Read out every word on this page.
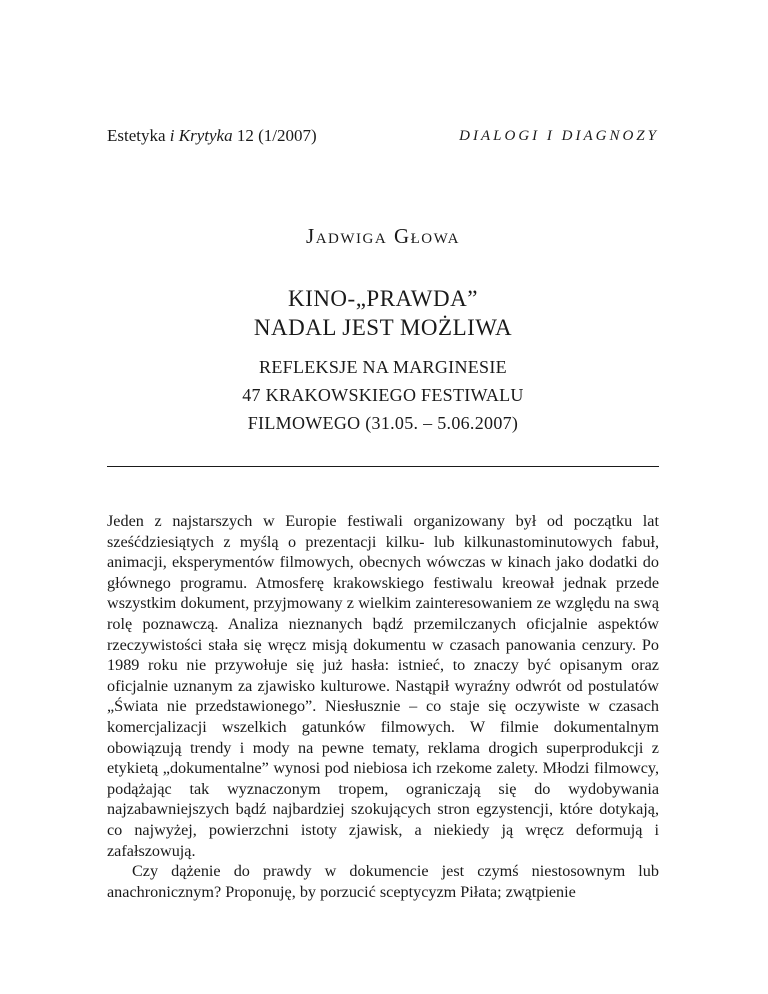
Estetyka i Krytyka 12 (1/2007)	DIALOGI I DIAGNOZY
Jadwiga Głowa
KINO-„PRAWDA”
NADAL JEST MOŻLIWA
REFLEKSJE NA MARGINESIE
47 KRAKOWSKIEGO FESTIWALU
FILMOWEGO (31.05. – 5.06.2007)

Jeden z najstarszych w Europie festiwali organizowany był od początku lat sześćdziesiątych z myślą o prezentacji kilku- lub kilkunastominutowych fabuł, animacji, eksperymentów filmowych, obecnych wówczas w kinach jako dodatki do głównego programu. Atmosferę krakowskiego festiwalu kreował jednak przede wszystkim dokument, przyjmowany z wielkim zainteresowaniem ze względu na swą rolę poznawczą. Analiza nieznanych bądź przemilczanych oficjalnie aspektów rzeczywistości stała się wręcz misją dokumentu w czasach panowania cenzury. Po 1989 roku nie przywołuje się już hasła: istnieć, to znaczy być opisanym oraz oficjalnie uznanym za zjawisko kulturowe. Nastąpił wyraźny odwrót od postulatów „Świata nie przedstawionego”. Niesłusznie – co staje się oczywiste w czasach komercjalizacji wszelkich gatunków filmowych. W filmie dokumentalnym obowiązują trendy i mody na pewne tematy, reklama drogich superprodukcji z etykietą „dokumentalne” wynosi pod niebiosa ich rzekome zalety. Młodzi filmowcy, podążając tak wyznaczonym tropem, ograniczają się do wydobywania najzabawniejszych bądź najbardziej szokujących stron egzystencji, które dotykają, co najwyżej, powierzchni istoty zjawisk, a niekiedy ją wręcz deformują i zafałszowują.

Czy dążenie do prawdy w dokumencie jest czymś niestosownym lub anachronicznym? Proponuję, by porzucić sceptycyzm Piłata; zwątpienie
